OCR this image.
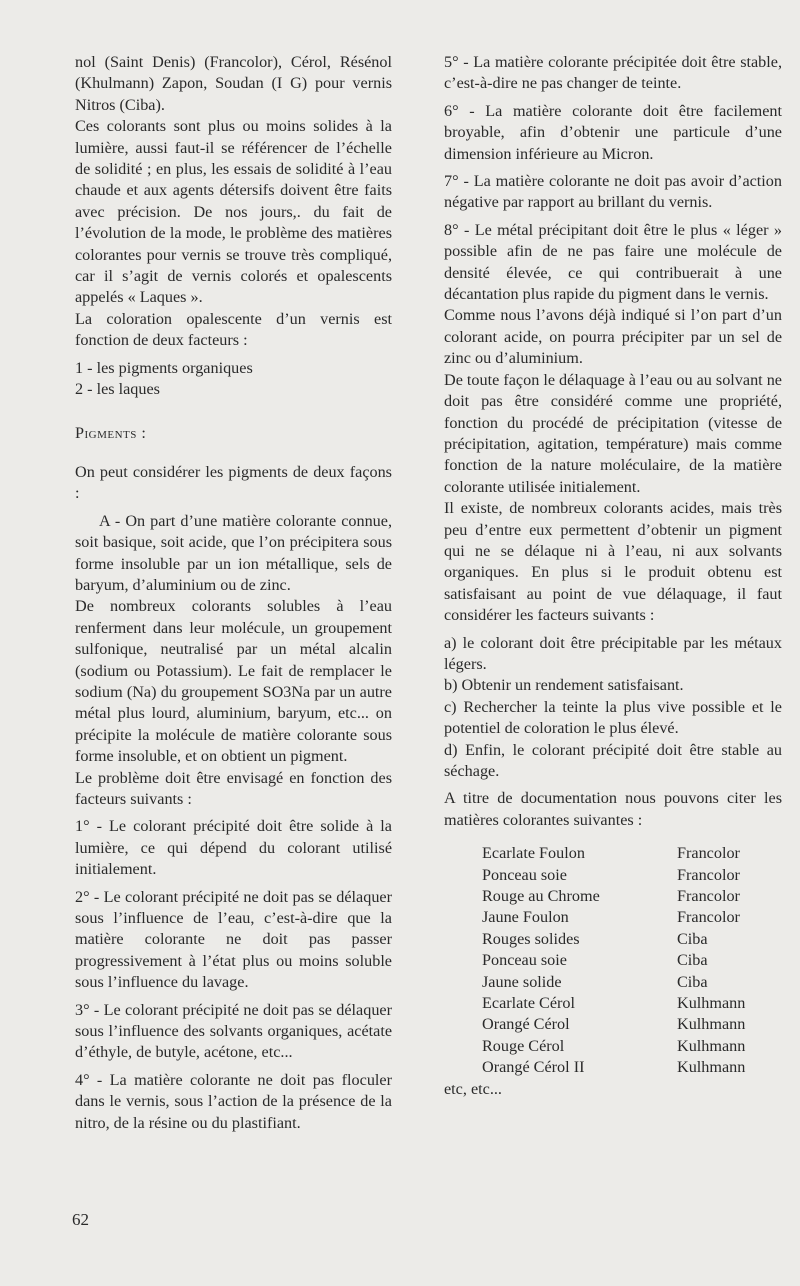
nol (Saint Denis) (Francolor), Cérol, Résénol (Khulmann) Zapon, Soudan (I G) pour vernis Nitros (Ciba).

Ces colorants sont plus ou moins solides à la lumière, aussi faut-il se référencer de l’échelle de solidité ; en plus, les essais de solidité à l’eau chaude et aux agents détersifs doivent être faits avec précision. De nos jours,. du fait de l’évolution de la mode, le problème des matières colorantes pour vernis se trouve très compliqué, car il s’agit de vernis colorés et opalescents appelés « Laques ».

La coloration opalescente d’un vernis est fonction de deux facteurs :

1 - les pigments organiques

2 - les laques

Pigments :

On peut considérer les pigments de deux façons :

A - On part d’une matière colorante connue, soit basique, soit acide, que l’on précipitera sous forme insoluble par un ion métallique, sels de baryum, d’aluminium ou de zinc.

De nombreux colorants solubles à l’eau renferment dans leur molécule, un groupement sulfonique, neutralisé par un métal alcalin (sodium ou Potassium). Le fait de remplacer le sodium (Na) du groupement SO3Na par un autre métal plus lourd, aluminium, baryum, etc... on précipite la molécule de matière colorante sous forme insoluble, et on obtient un pigment.

Le problème doit être envisagé en fonction des facteurs suivants :

1° - Le colorant précipité doit être solide à la lumière, ce qui dépend du colorant utilisé initialement.

2° - Le colorant précipité ne doit pas se délaquer sous l’influence de l’eau, c’est-à-dire que la matière colorante ne doit pas passer progressivement à l’état plus ou moins soluble sous l’influence du lavage.

3° - Le colorant précipité ne doit pas se délaquer sous l’influence des solvants organiques, acétate d’éthyle, de butyle, acétone, etc...

4° - La matière colorante ne doit pas floculer dans le vernis, sous l’action de la présence de la nitro, de la résine ou du plastifiant.

5° - La matière colorante précipitée doit être stable, c’est-à-dire ne pas changer de teinte.

6° - La matière colorante doit être facilement broyable, afin d’obtenir une particule d’une dimension inférieure au Micron.

7° - La matière colorante ne doit pas avoir d’action négative par rapport au brillant du vernis.

8° - Le métal précipitant doit être le plus « léger » possible afin de ne pas faire une molécule de densité élevée, ce qui contribuerait à une décantation plus rapide du pigment dans le vernis.

Comme nous l’avons déjà indiqué si l’on part d’un colorant acide, on pourra précipiter par un sel de zinc ou d’aluminium.

De toute façon le délaquage à l’eau ou au solvant ne doit pas être considéré comme une propriété, fonction du procédé de précipitation (vitesse de précipitation, agitation, température) mais comme fonction de la nature moléculaire, de la matière colorante utilisée initialement.

Il existe, de nombreux colorants acides, mais très peu d’entre eux permettent d’obtenir un pigment qui ne se délaque ni à l’eau, ni aux solvants organiques. En plus si le produit obtenu est satisfaisant au point de vue délaquage, il faut considérer les facteurs suivants :

a) le colorant doit être précipitable par les métaux légers.

b) Obtenir un rendement satisfaisant.

c) Rechercher la teinte la plus vive possible et le potentiel de coloration le plus élevé.

d) Enfin, le colorant précipité doit être stable au séchage.

A titre de documentation nous pouvons citer les matières colorantes suivantes :

Ecarlate Foulon	Francolor
Ponceau soie	Francolor
Rouge au Chrome	Francolor
Jaune Foulon	Francolor
Rouges solides	Ciba
Ponceau soie	Ciba
Jaune solide	Ciba
Ecarlate Cérol	Kulhmann
Orangé Cérol	Kulhmann
Rouge Cérol	Kulhmann
Orangé Cérol II	Kulhmann

etc, etc...

62
